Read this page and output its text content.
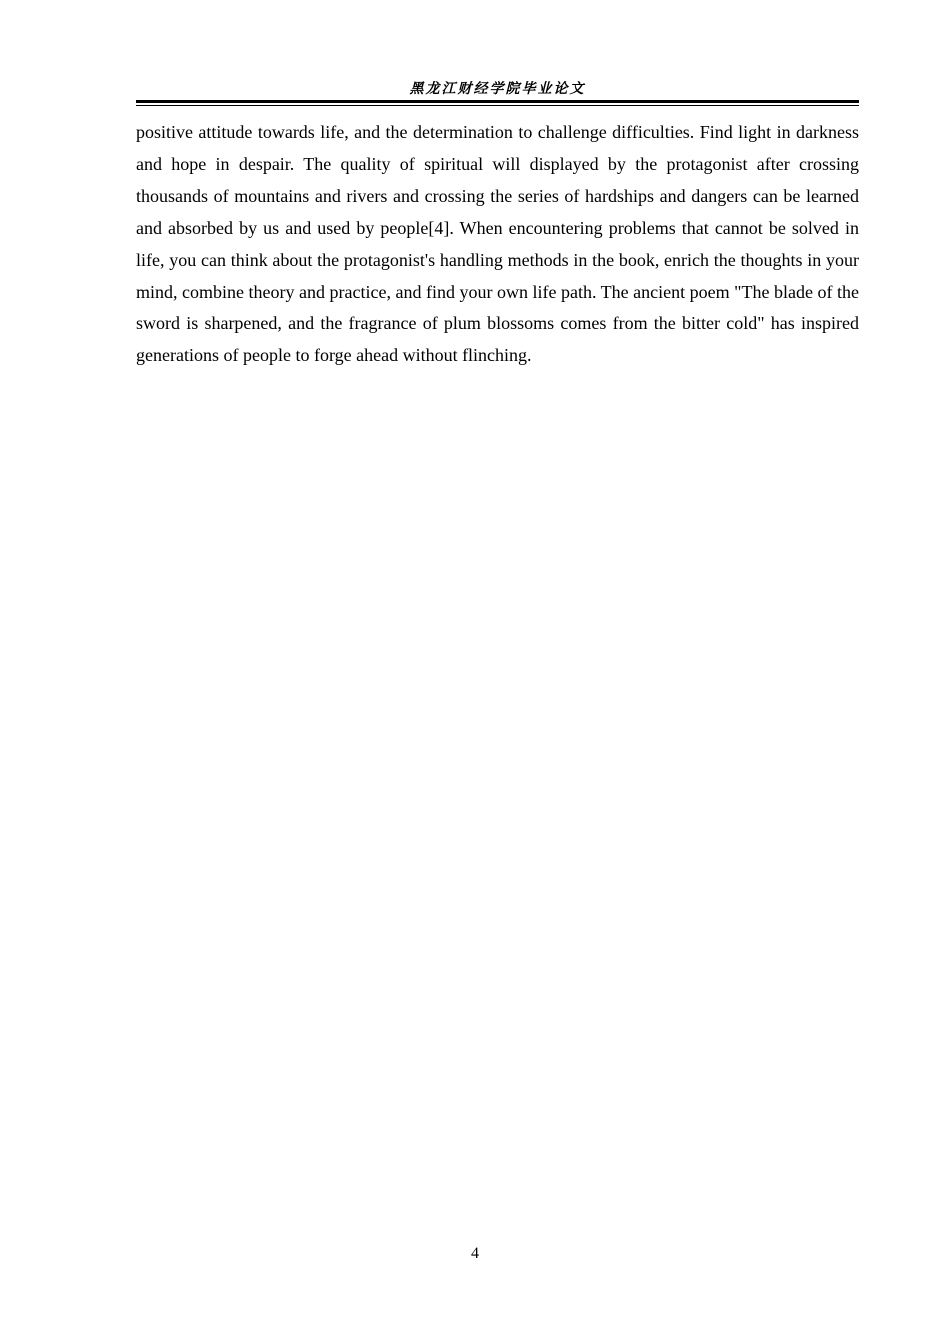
黑龙江财经学院毕业论文

positive attitude towards life, and the determination to challenge difficulties. Find light in darkness and hope in despair. The quality of spiritual will displayed by the protagonist after crossing thousands of mountains and rivers and crossing the series of hardships and dangers can be learned and absorbed by us and used by people[4]. When encountering problems that cannot be solved in life, you can think about the protagonist's handling methods in the book, enrich the thoughts in your mind, combine theory and practice, and find your own life path. The ancient poem "The blade of the sword is sharpened, and the fragrance of plum blossoms comes from the bitter cold" has inspired generations of people to forge ahead without flinching.

4
